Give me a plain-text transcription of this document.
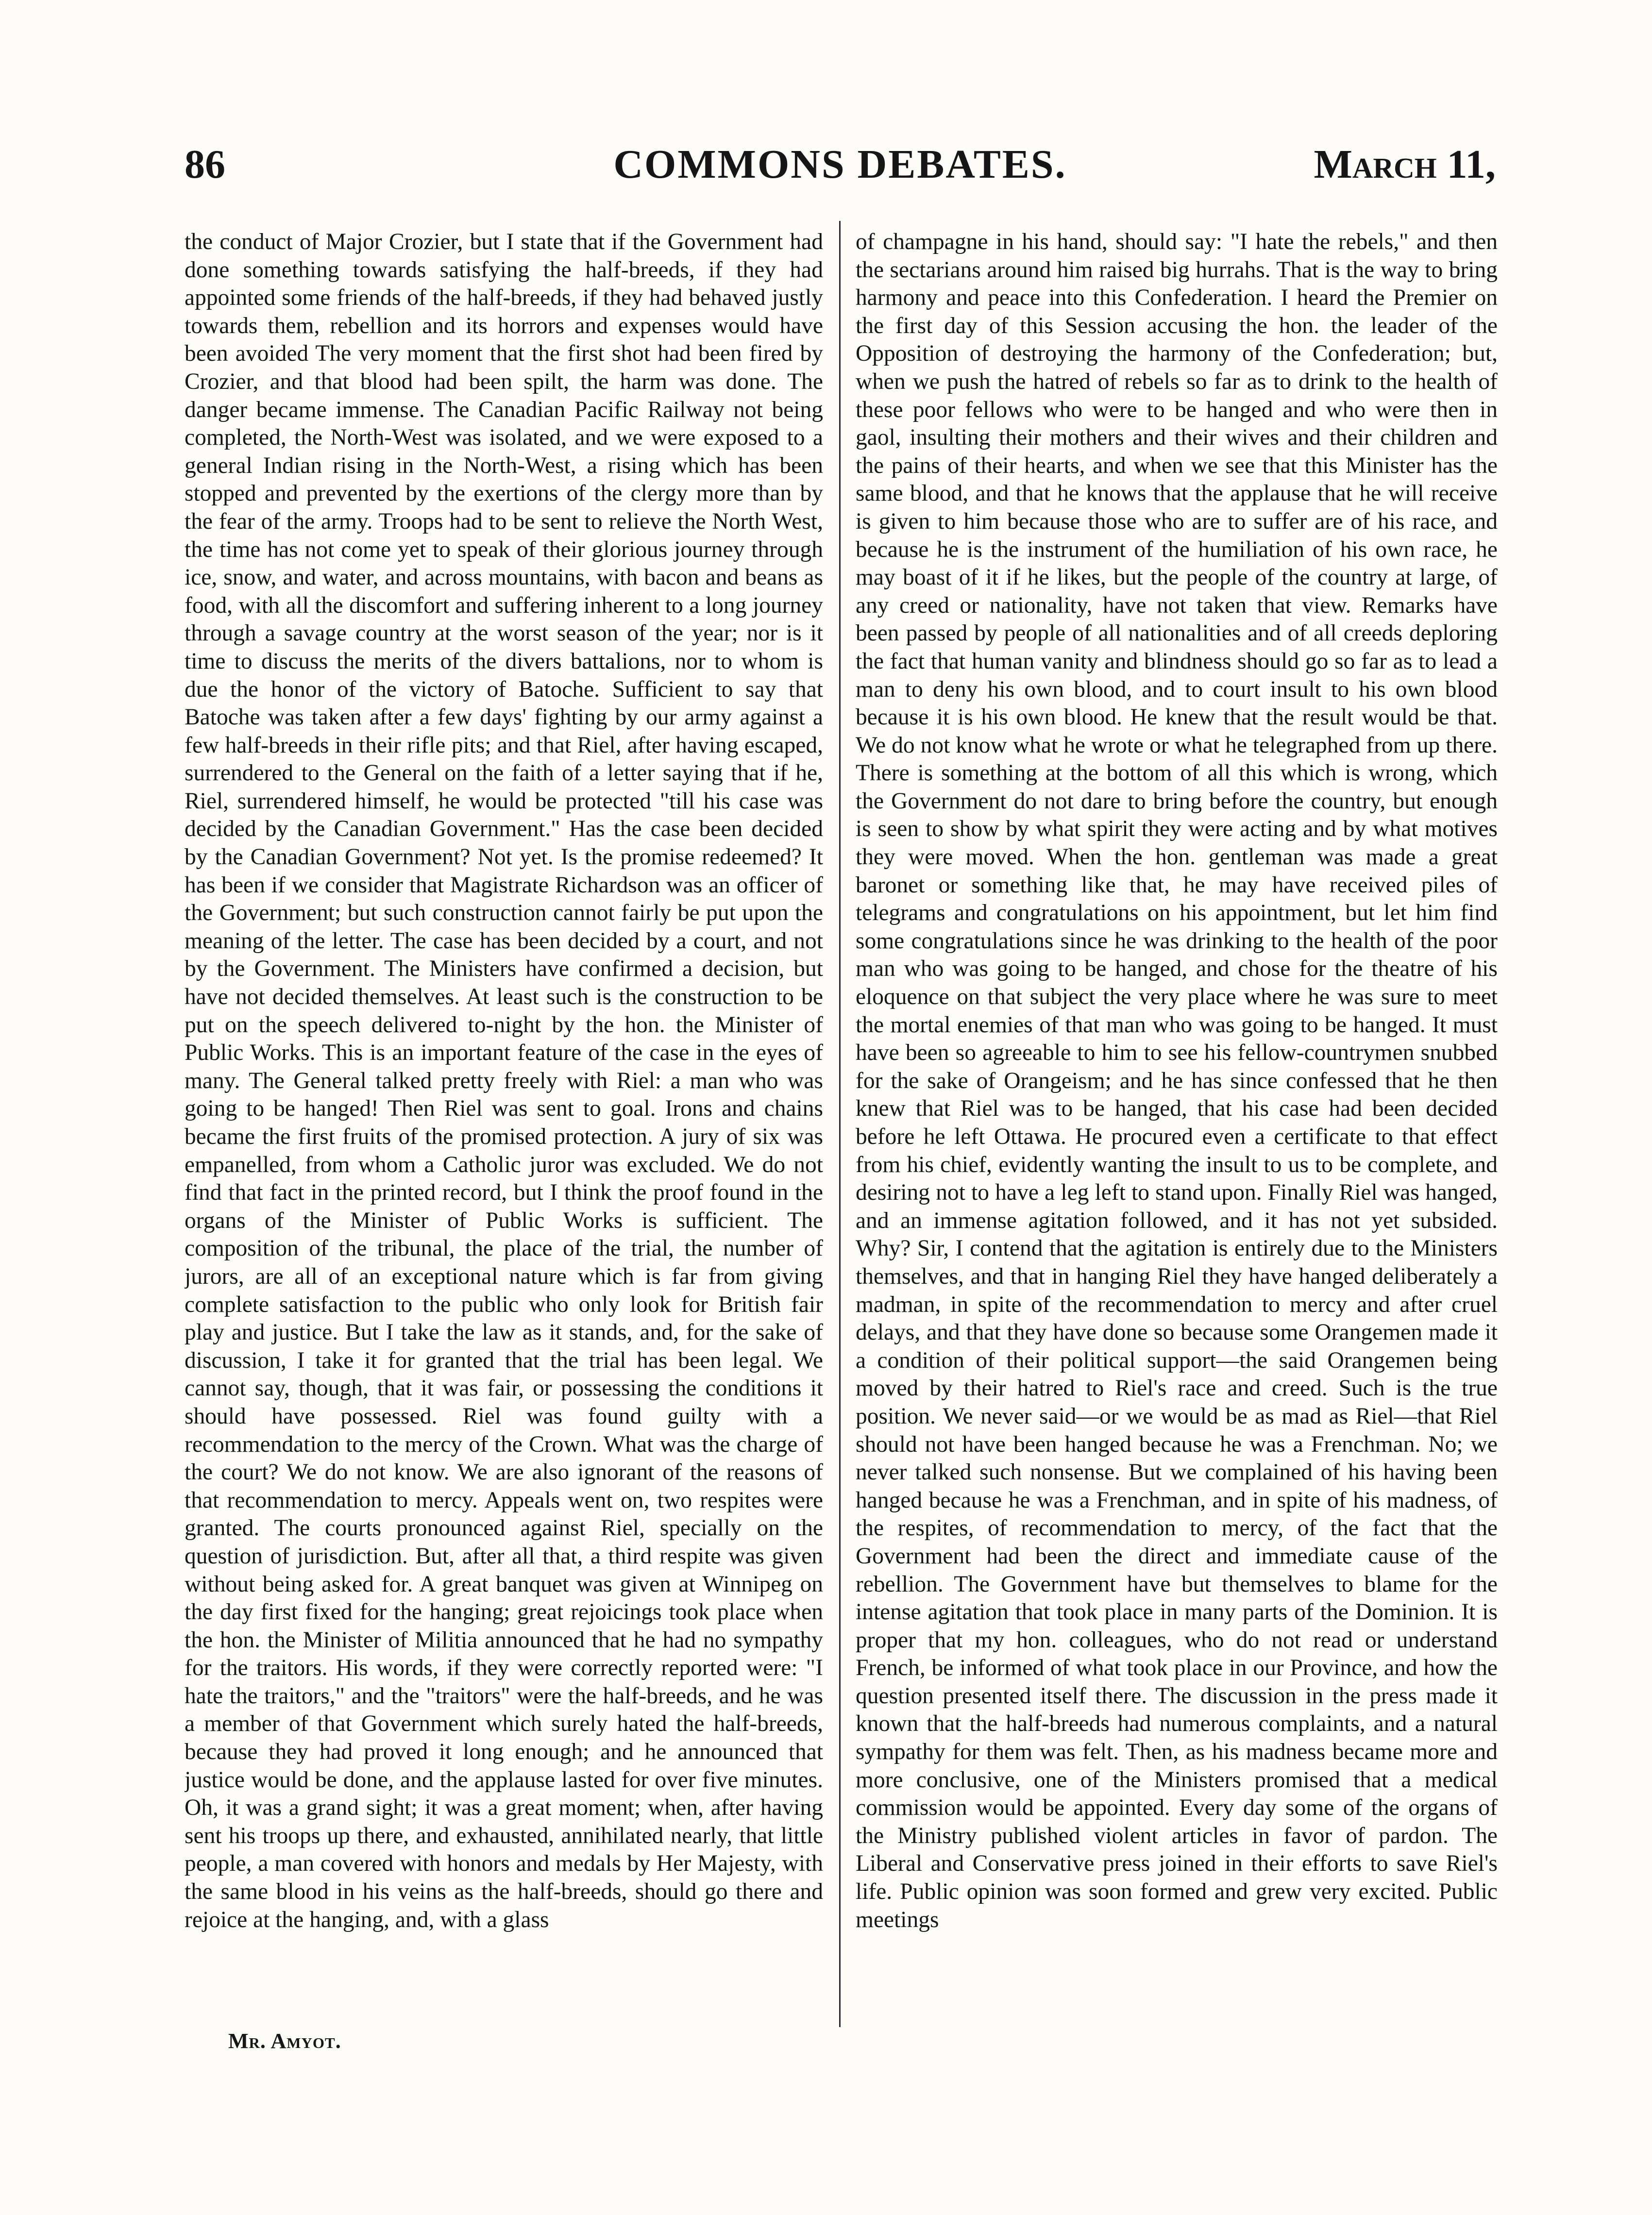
86	COMMONS DEBATES.	March 11,

the conduct of Major Crozier, but I state that if the Government had done something towards satisfying the half-breeds, if they had appointed some friends of the half-breeds, if they had behaved justly towards them, rebellion and its horrors and expenses would have been avoided The very moment that the first shot had been fired by Crozier, and that blood had been spilt, the harm was done. The danger became immense. The Canadian Pacific Railway not being completed, the North-West was isolated, and we were exposed to a general Indian rising in the North-West, a rising which has been stopped and prevented by the exertions of the clergy more than by the fear of the army. Troops had to be sent to relieve the North West, the time has not come yet to speak of their glorious journey through ice, snow, and water, and across mountains, with bacon and beans as food, with all the discomfort and suffering inherent to a long journey through a savage country at the worst season of the year; nor is it time to discuss the merits of the divers battalions, nor to whom is due the honor of the victory of Batoche. Sufficient to say that Batoche was taken after a few days' fighting by our army against a few half-breeds in their rifle pits; and that Riel, after having escaped, surrendered to the General on the faith of a letter saying that if he, Riel, surrendered himself, he would be protected "till his case was decided by the Canadian Government." Has the case been decided by the Canadian Government? Not yet. Is the promise redeemed? It has been if we consider that Magistrate Richardson was an officer of the Government; but such construction cannot fairly be put upon the meaning of the letter. The case has been decided by a court, and not by the Government. The Ministers have confirmed a decision, but have not decided themselves. At least such is the construction to be put on the speech delivered to-night by the hon. the Minister of Public Works. This is an important feature of the case in the eyes of many. The General talked pretty freely with Riel: a man who was going to be hanged! Then Riel was sent to goal. Irons and chains became the first fruits of the promised protection. A jury of six was empanelled, from whom a Catholic juror was excluded. We do not find that fact in the printed record, but I think the proof found in the organs of the Minister of Public Works is sufficient. The composition of the tribunal, the place of the trial, the number of jurors, are all of an exceptional nature which is far from giving complete satisfaction to the public who only look for British fair play and justice. But I take the law as it stands, and, for the sake of discussion, I take it for granted that the trial has been legal. We cannot say, though, that it was fair, or possessing the conditions it should have possessed. Riel was found guilty with a recommendation to the mercy of the Crown. What was the charge of the court? We do not know. We are also ignorant of the reasons of that recommendation to mercy. Appeals went on, two respites were granted. The courts pronounced against Riel, specially on the question of jurisdiction. But, after all that, a third respite was given without being asked for. A great banquet was given at Winnipeg on the day first fixed for the hanging; great rejoicings took place when the hon. the Minister of Militia announced that he had no sympathy for the traitors. His words, if they were correctly reported were: "I hate the traitors," and the "traitors" were the half-breeds, and he was a member of that Government which surely hated the half-breeds, because they had proved it long enough; and he announced that justice would be done, and the applause lasted for over five minutes. Oh, it was a grand sight; it was a great moment; when, after having sent his troops up there, and exhausted, annihilated nearly, that little people, a man covered with honors and medals by Her Majesty, with the same blood in his veins as the half-breeds, should go there and rejoice at the hanging, and, with a glass

of champagne in his hand, should say: "I hate the rebels," and then the sectarians around him raised big hurrahs. That is the way to bring harmony and peace into this Confederation. I heard the Premier on the first day of this Session accusing the hon. the leader of the Opposition of destroying the harmony of the Confederation; but, when we push the hatred of rebels so far as to drink to the health of these poor fellows who were to be hanged and who were then in gaol, insulting their mothers and their wives and their children and the pains of their hearts, and when we see that this Minister has the same blood, and that he knows that the applause that he will receive is given to him because those who are to suffer are of his race, and because he is the instrument of the humiliation of his own race, he may boast of it if he likes, but the people of the country at large, of any creed or nationality, have not taken that view. Remarks have been passed by people of all nationalities and of all creeds deploring the fact that human vanity and blindness should go so far as to lead a man to deny his own blood, and to court insult to his own blood because it is his own blood. He knew that the result would be that. We do not know what he wrote or what he telegraphed from up there. There is something at the bottom of all this which is wrong, which the Government do not dare to bring before the country, but enough is seen to show by what spirit they were acting and by what motives they were moved. When the hon. gentleman was made a great baronet or something like that, he may have received piles of telegrams and congratulations on his appointment, but let him find some congratulations since he was drinking to the health of the poor man who was going to be hanged, and chose for the theatre of his eloquence on that subject the very place where he was sure to meet the mortal enemies of that man who was going to be hanged. It must have been so agreeable to him to see his fellow-countrymen snubbed for the sake of Orangeism; and he has since confessed that he then knew that Riel was to be hanged, that his case had been decided before he left Ottawa. He procured even a certificate to that effect from his chief, evidently wanting the insult to us to be complete, and desiring not to have a leg left to stand upon. Finally Riel was hanged, and an immense agitation followed, and it has not yet subsided. Why? Sir, I contend that the agitation is entirely due to the Ministers themselves, and that in hanging Riel they have hanged deliberately a madman, in spite of the recommendation to mercy and after cruel delays, and that they have done so because some Orangemen made it a condition of their political support—the said Orangemen being moved by their hatred to Riel's race and creed. Such is the true position. We never said—or we would be as mad as Riel—that Riel should not have been hanged because he was a Frenchman. No; we never talked such nonsense. But we complained of his having been hanged because he was a Frenchman, and in spite of his madness, of the respites, of recommendation to mercy, of the fact that the Government had been the direct and immediate cause of the rebellion. The Government have but themselves to blame for the intense agitation that took place in many parts of the Dominion. It is proper that my hon. colleagues, who do not read or understand French, be informed of what took place in our Province, and how the question presented itself there. The discussion in the press made it known that the half-breeds had numerous complaints, and a natural sympathy for them was felt. Then, as his madness became more and more conclusive, one of the Ministers promised that a medical commission would be appointed. Every day some of the organs of the Ministry published violent articles in favor of pardon. The Liberal and Conservative press joined in their efforts to save Riel's life. Public opinion was soon formed and grew very excited. Public meetings

Mr. Amyot.
